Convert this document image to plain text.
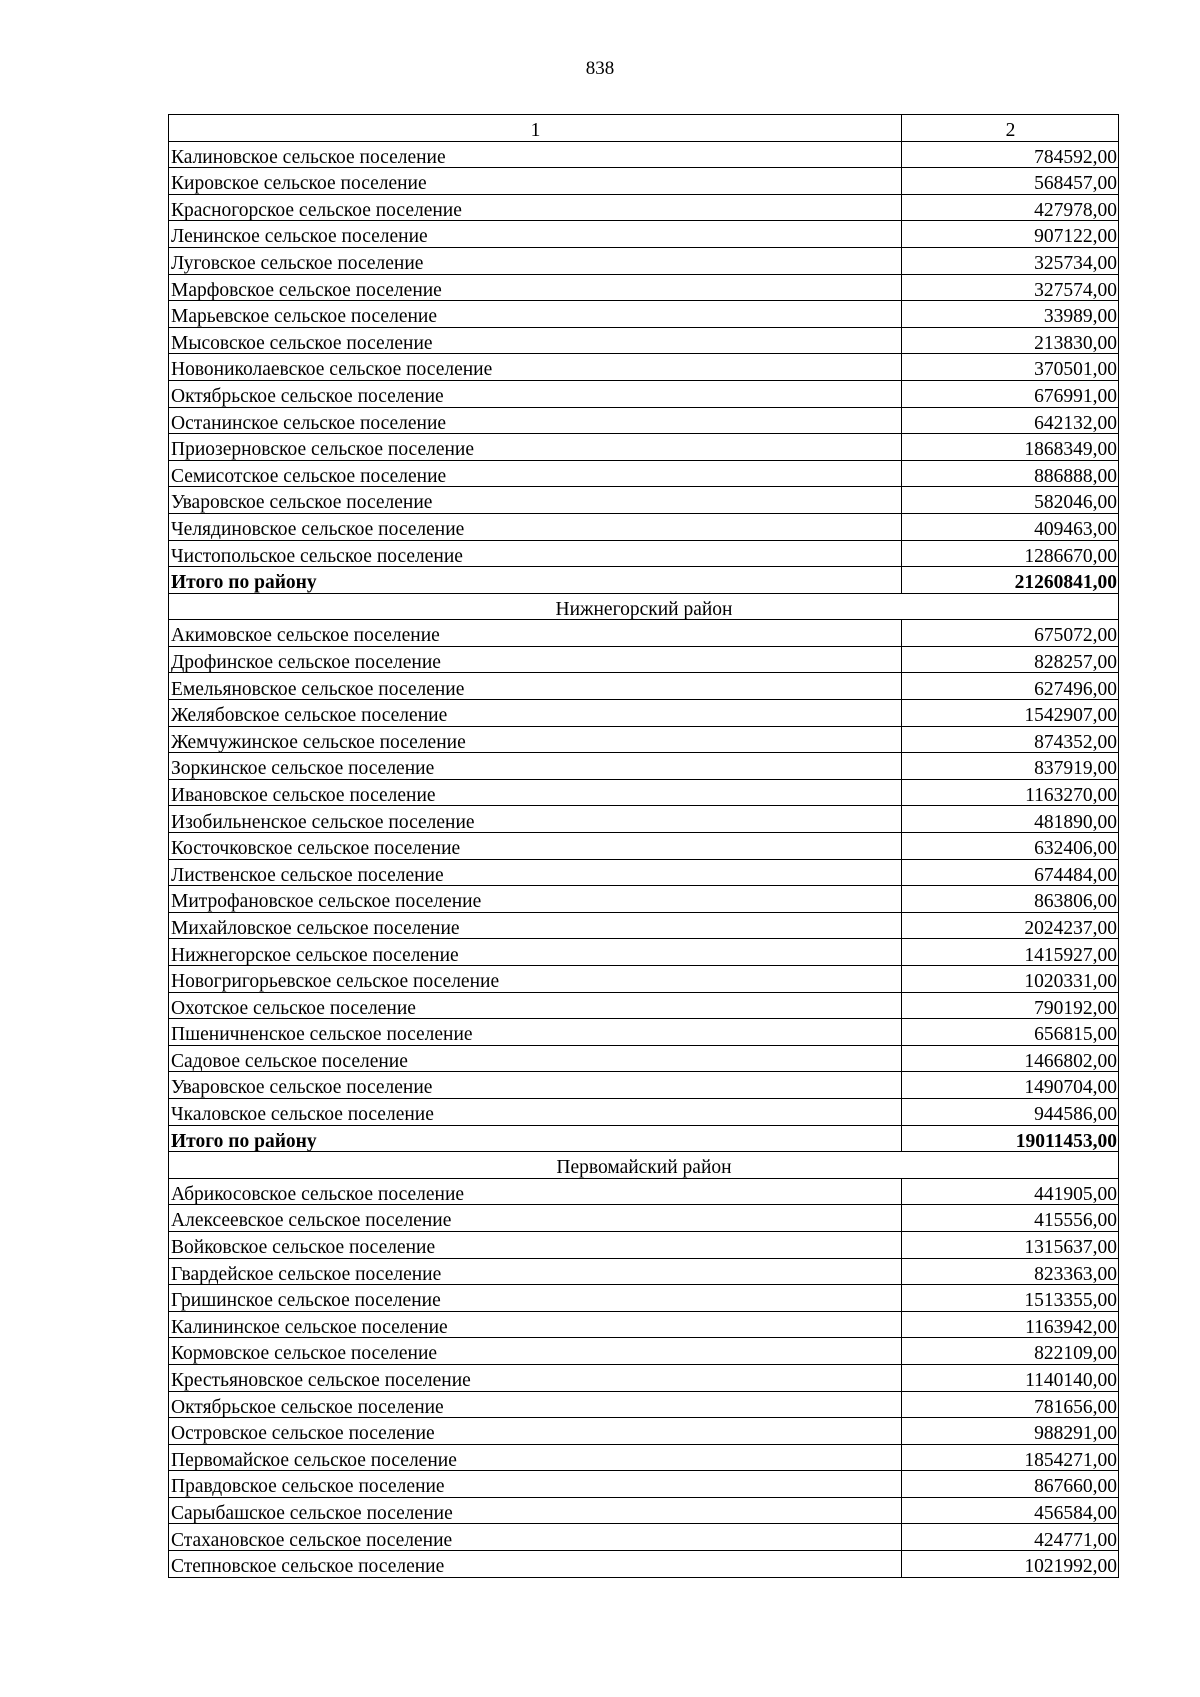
838
1	2
Калиновское сельское поселение	784592,00
Кировское сельское поселение	568457,00
Красногорское сельское поселение	427978,00
Ленинское сельское поселение	907122,00
Луговское сельское поселение	325734,00
Марфовское сельское поселение	327574,00
Марьевское сельское поселение	33989,00
Мысовское сельское поселение	213830,00
Новониколаевское сельское поселение	370501,00
Октябрьское сельское поселение	676991,00
Останинское сельское поселение	642132,00
Приозерновское сельское поселение	1868349,00
Семисотское сельское поселение	886888,00
Уваровское сельское поселение	582046,00
Челядиновское сельское поселение	409463,00
Чистопольское сельское поселение	1286670,00
Итого по району	21260841,00
Нижнегорский район	
Акимовское сельское поселение	675072,00
Дрофинское сельское поселение	828257,00
Емельяновское сельское поселение	627496,00
Желябовское сельское поселение	1542907,00
Жемчужинское сельское поселение	874352,00
Зоркинское сельское поселение	837919,00
Ивановское сельское поселение	1163270,00
Изобильненское сельское поселение	481890,00
Косточковское сельское поселение	632406,00
Лиственское сельское поселение	674484,00
Митрофановское сельское поселение	863806,00
Михайловское сельское поселение	2024237,00
Нижнегорское сельское поселение	1415927,00
Новогригорьевское сельское поселение	1020331,00
Охотское сельское поселение	790192,00
Пшеничненское сельское поселение	656815,00
Садовое сельское поселение	1466802,00
Уваровское сельское поселение	1490704,00
Чкаловское сельское поселение	944586,00
Итого по району	19011453,00
Первомайский район	
Абрикосовское сельское поселение	441905,00
Алексеевское сельское поселение	415556,00
Войковское сельское поселение	1315637,00
Гвардейское сельское поселение	823363,00
Гришинское сельское поселение	1513355,00
Калининское сельское поселение	1163942,00
Кормовское сельское поселение	822109,00
Крестьяновское сельское поселение	1140140,00
Октябрьское сельское поселение	781656,00
Островское сельское поселение	988291,00
Первомайское сельское поселение	1854271,00
Правдовское сельское поселение	867660,00
Сарыбашское сельское поселение	456584,00
Стахановское сельское поселение	424771,00
Степновское сельское поселение	1021992,00
